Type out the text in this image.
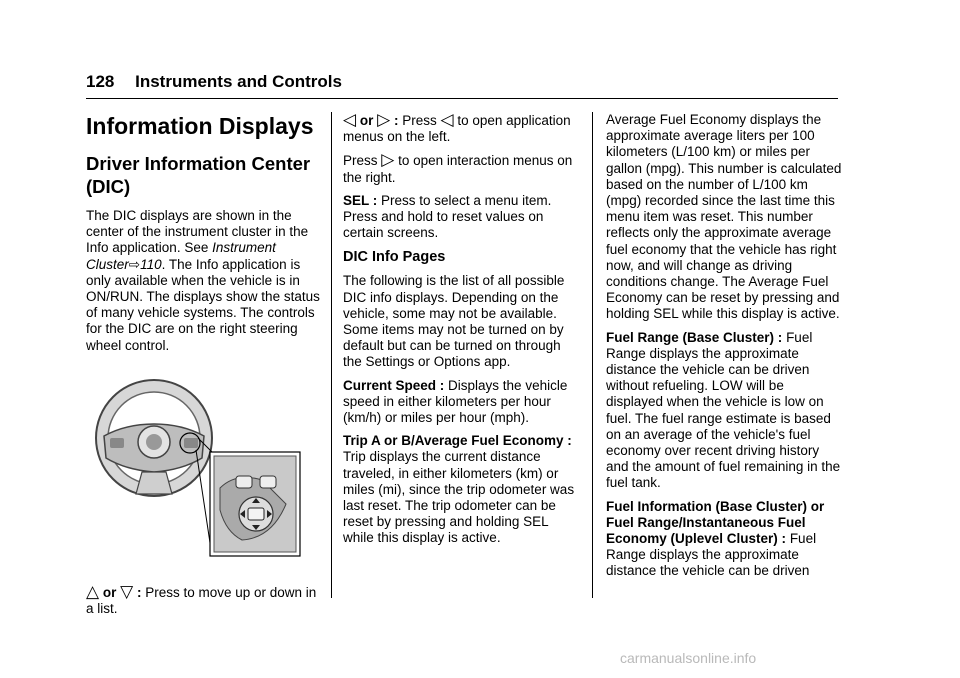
128 Instruments and Controls
Information Displays
Driver Information Center (DIC)

The DIC displays are shown in the center of the instrument cluster in the Info application. See Instrument Cluster⇨110. The Info application is only available when the vehicle is in ON/RUN. The displays show the status of many vehicle systems. The controls for the DIC are on the right steering wheel control.

△ or ▽ : Press to move up or down in a list.

◁ or ▷ : Press ◁ to open application menus on the left.

Press ▷ to open interaction menus on the right.

SEL : Press to select a menu item. Press and hold to reset values on certain screens.

DIC Info Pages

The following is the list of all possible DIC info displays. Depending on the vehicle, some may not be available. Some items may not be turned on by default but can be turned on through the Settings or Options app.

Current Speed : Displays the vehicle speed in either kilometers per hour (km/h) or miles per hour (mph).

Trip A or B/Average Fuel Economy : Trip displays the current distance traveled, in either kilometers (km) or miles (mi), since the trip odometer was last reset. The trip odometer can be reset by pressing and holding SEL while this display is active.

Average Fuel Economy displays the approximate average liters per 100 kilometers (L/100 km) or miles per gallon (mpg). This number is calculated based on the number of L/100 km (mpg) recorded since the last time this menu item was reset. This number reflects only the approximate average fuel economy that the vehicle has right now, and will change as driving conditions change. The Average Fuel Economy can be reset by pressing and holding SEL while this display is active.

Fuel Range (Base Cluster) : Fuel Range displays the approximate distance the vehicle can be driven without refueling. LOW will be displayed when the vehicle is low on fuel. The fuel range estimate is based on an average of the vehicle's fuel economy over recent driving history and the amount of fuel remaining in the fuel tank.

Fuel Information (Base Cluster) or Fuel Range/Instantaneous Fuel Economy (Uplevel Cluster) : Fuel Range displays the approximate distance the vehicle can be driven

carmanualsonline.info
